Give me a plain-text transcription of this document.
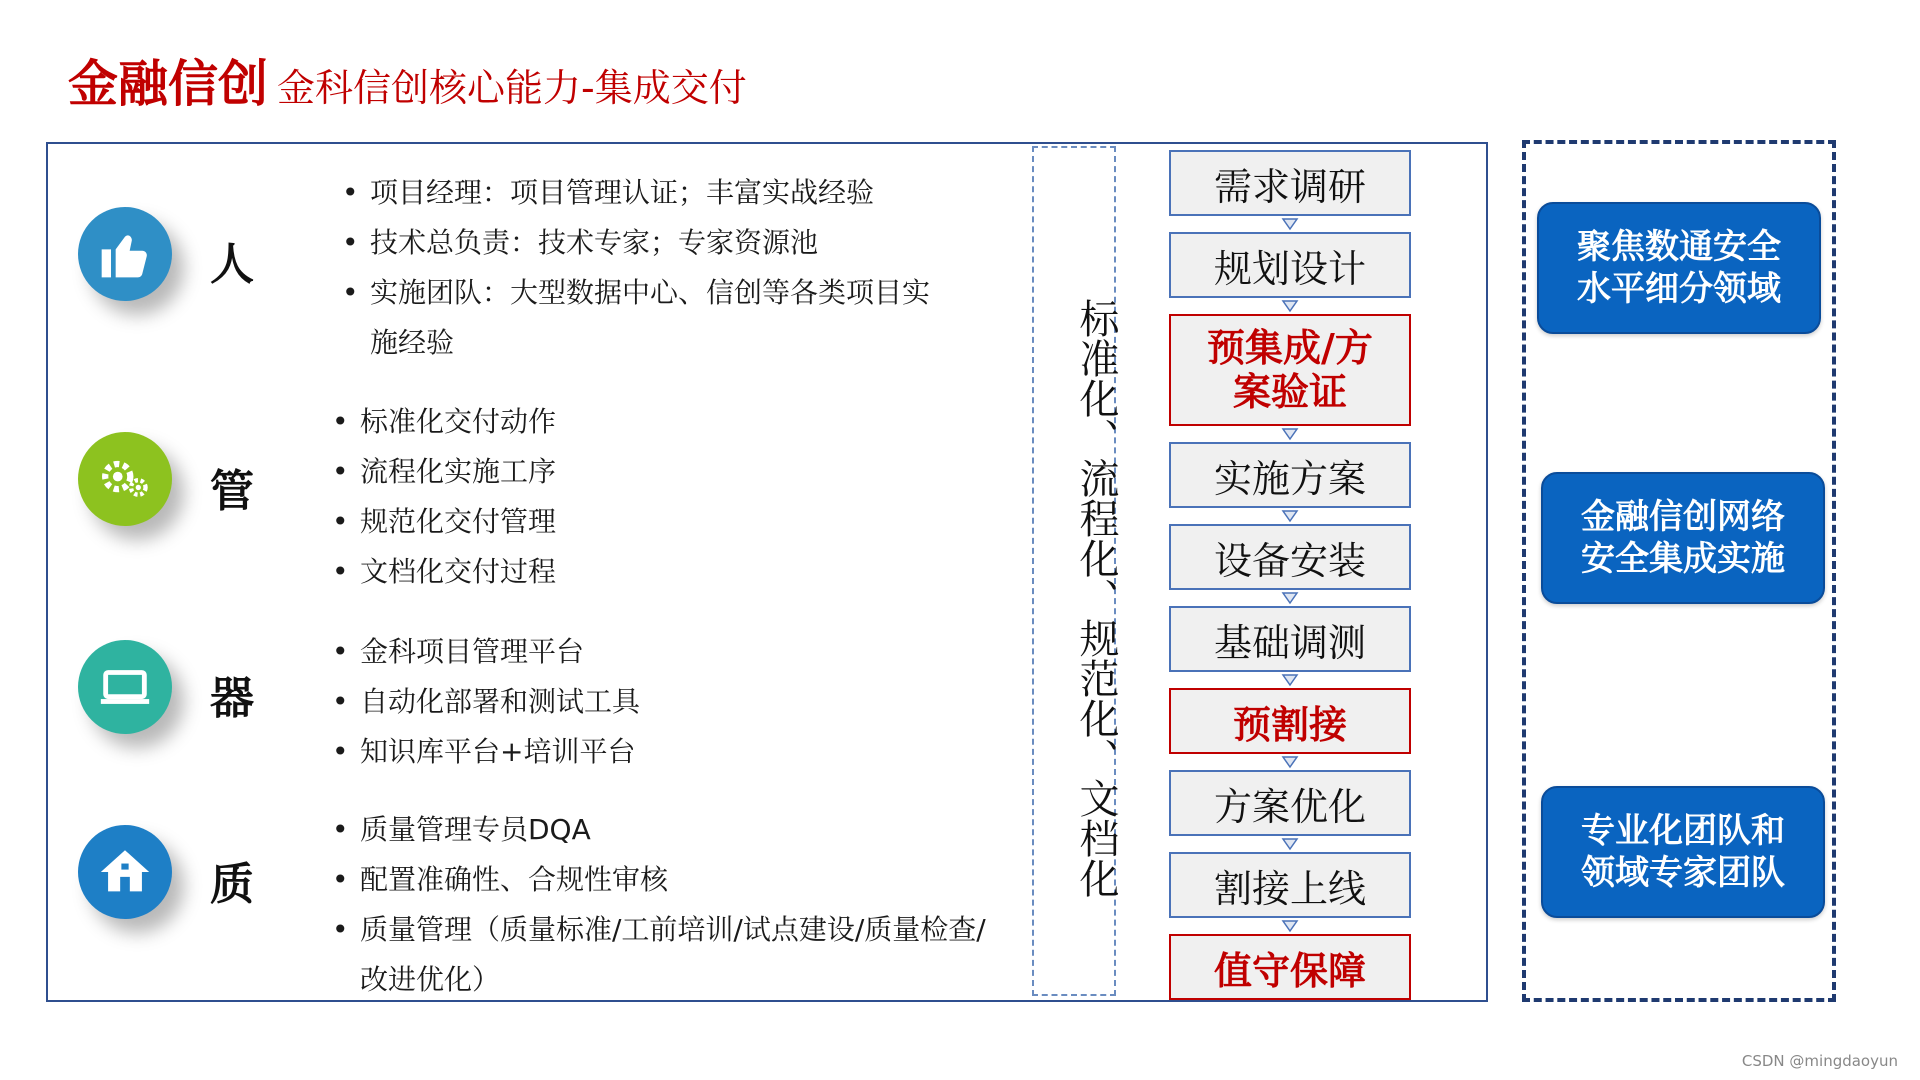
金融信创 金科信创核心能力-集成交付
人
• 项目经理：项目管理认证；丰富实战经验
• 技术总负责：技术专家；专家资源池
• 实施团队：大型数据中心、信创等各类项目实
施经验
管
• 标准化交付动作
• 流程化实施工序
• 规范化交付管理
• 文档化交付过程
器
• 金科项目管理平台
• 自动化部署和测试工具
• 知识库平台+培训平台
质
• 质量管理专员DQA
• 配置准确性、合规性审核
• 质量管理（质量标准/工前培训/试点建设/质量检查/
改进优化）
标准化、流程化、规范化、文档化
需求调研
规划设计
预集成/方案验证
实施方案
设备安装
基础调测
预割接
方案优化
割接上线
值守保障
聚焦数通安全
水平细分领域
金融信创网络
安全集成实施
专业化团队和
领域专家团队
CSDN @mingdaoyun
